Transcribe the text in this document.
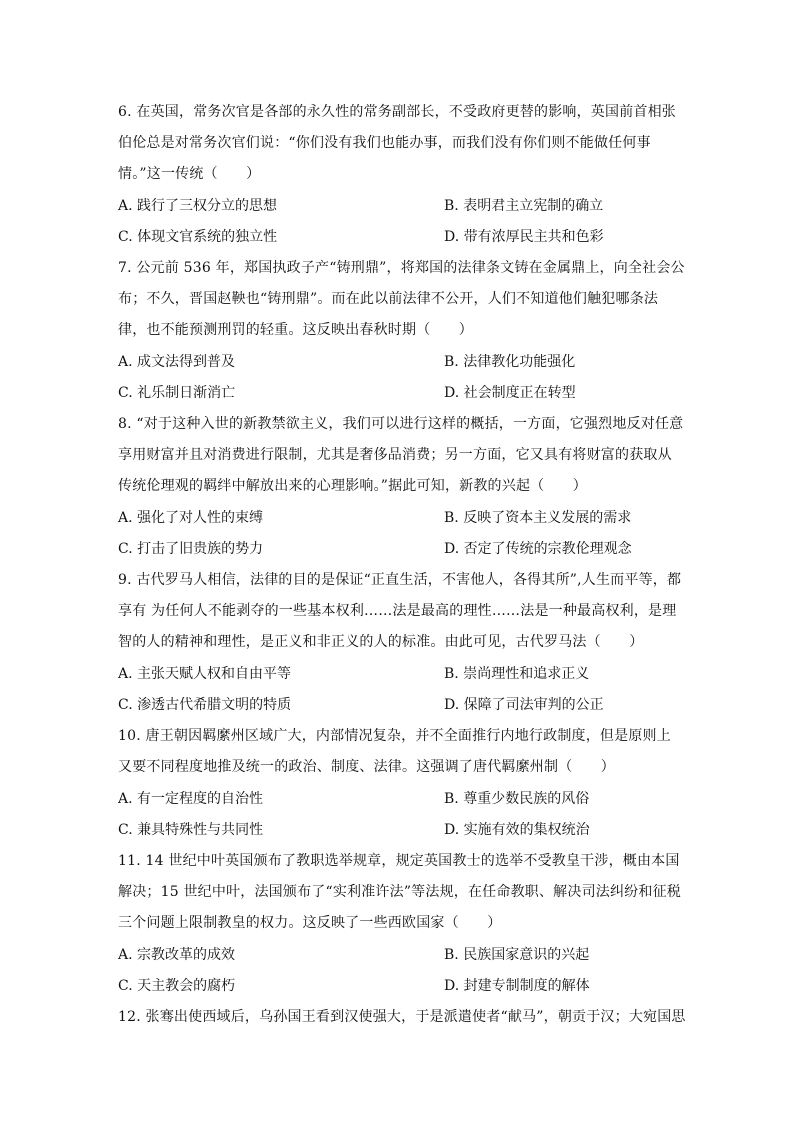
6. 在英国，常务次官是各部的永久性的常务副部长，不受政府更替的影响，英国前首相张
伯伦总是对常务次官们说：“你们没有我们也能办事，而我们没有你们则不能做任何事
情。”这一传统（　　）
A. 践行了三权分立的思想	B. 表明君主立宪制的确立
C. 体现文官系统的独立性	D. 带有浓厚民主共和色彩
7. 公元前 536 年，郑国执政子产“铸刑鼎”，将郑国的法律条文铸在金属鼎上，向全社会公
布；不久，晋国赵鞅也“铸刑鼎”。而在此以前法律不公开，人们不知道他们触犯哪条法
律，也不能预测刑罚的轻重。这反映出春秋时期（　　）
A. 成文法得到普及	B. 法律教化功能强化
C. 礼乐制日渐消亡	D. 社会制度正在转型
8. “对于这种入世的新教禁欲主义，我们可以进行这样的概括，一方面，它强烈地反对任意
享用财富并且对消费进行限制，尤其是奢侈品消费；另一方面，它又具有将财富的获取从
传统伦理观的羁绊中解放出来的心理影响。”据此可知，新教的兴起（　　）
A. 强化了对人性的束缚	B. 反映了资本主义发展的需求
C. 打击了旧贵族的势力	D. 否定了传统的宗教伦理观念
9. 古代罗马人相信，法律的目的是保证“正直生活，不害他人，各得其所”,人生而平等，都
享有 为任何人不能剥夺的一些基本权利……法是最高的理性……法是一种最高权利，是理
智的人的精神和理性，是正义和非正义的人的标准。由此可见，古代罗马法（　　）
A. 主张天赋人权和自由平等	B. 崇尚理性和追求正义
C. 渗透古代希腊文明的特质	D. 保障了司法审判的公正
10. 唐王朝因羁縻州区域广大，内部情况复杂，并不全面推行内地行政制度，但是原则上
又要不同程度地推及统一的政治、制度、法律。这强调了唐代羁縻州制（　　）
A. 有一定程度的自治性	B. 尊重少数民族的风俗
C. 兼具特殊性与共同性	D. 实施有效的集权统治
11. 14 世纪中叶英国颁布了教职选举规章，规定英国教士的选举不受教皇干涉，概由本国
解决；15 世纪中叶，法国颁布了“实利准许法”等法规，在任命教职、解决司法纠纷和征税
三个问题上限制教皇的权力。这反映了一些西欧国家（　　）
A. 宗教改革的成效	B. 民族国家意识的兴起
C. 天主教会的腐朽	D. 封建专制制度的解体
12. 张骞出使西域后，乌孙国王看到汉使强大，于是派遣使者“献马”，朝贡于汉；大宛国思
